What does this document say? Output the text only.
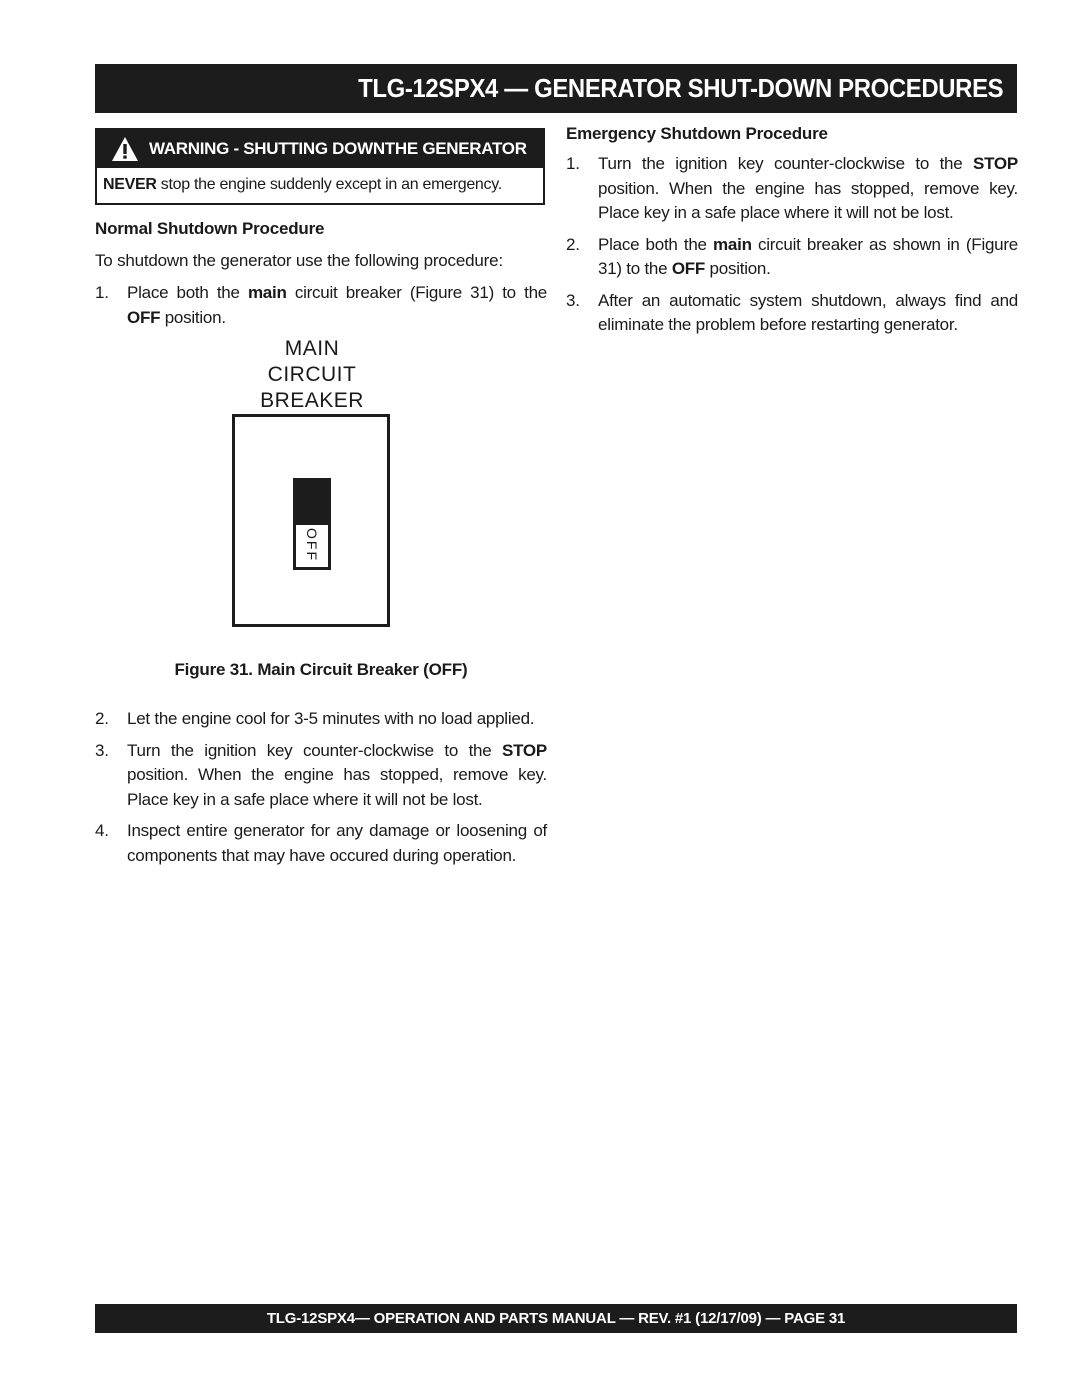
TLG-12SPX4 — GENERATOR SHUT-DOWN PROCEDURES
WARNING - SHUTTING DOWNTHE GENERATOR
NEVER stop the engine suddenly except in an emergency.
Normal Shutdown Procedure

To shutdown the generator use the following procedure:

1. Place both the main circuit breaker (Figure 31) to the OFF position.
MAIN
CIRCUIT
BREAKER
OFF
Figure 31. Main Circuit Breaker (OFF)
2. Let the engine cool for 3-5 minutes with no load applied.
3. Turn the ignition key counter-clockwise to the STOP position. When the engine has stopped, remove key. Place key in a safe place where it will not be lost.
4. Inspect entire generator for any damage or loosening of components that may have occured during operation.
Emergency Shutdown Procedure
1. Turn the ignition key counter-clockwise to the STOP position. When the engine has stopped, remove key. Place key in a safe place where it will not be lost.
2. Place both the main circuit breaker as shown in (Figure 31) to the OFF position.
3. After an automatic system shutdown, always find and eliminate the problem before restarting generator.
TLG-12SPX4— OPERATION AND PARTS MANUAL — REV. #1 (12/17/09) — PAGE 31
